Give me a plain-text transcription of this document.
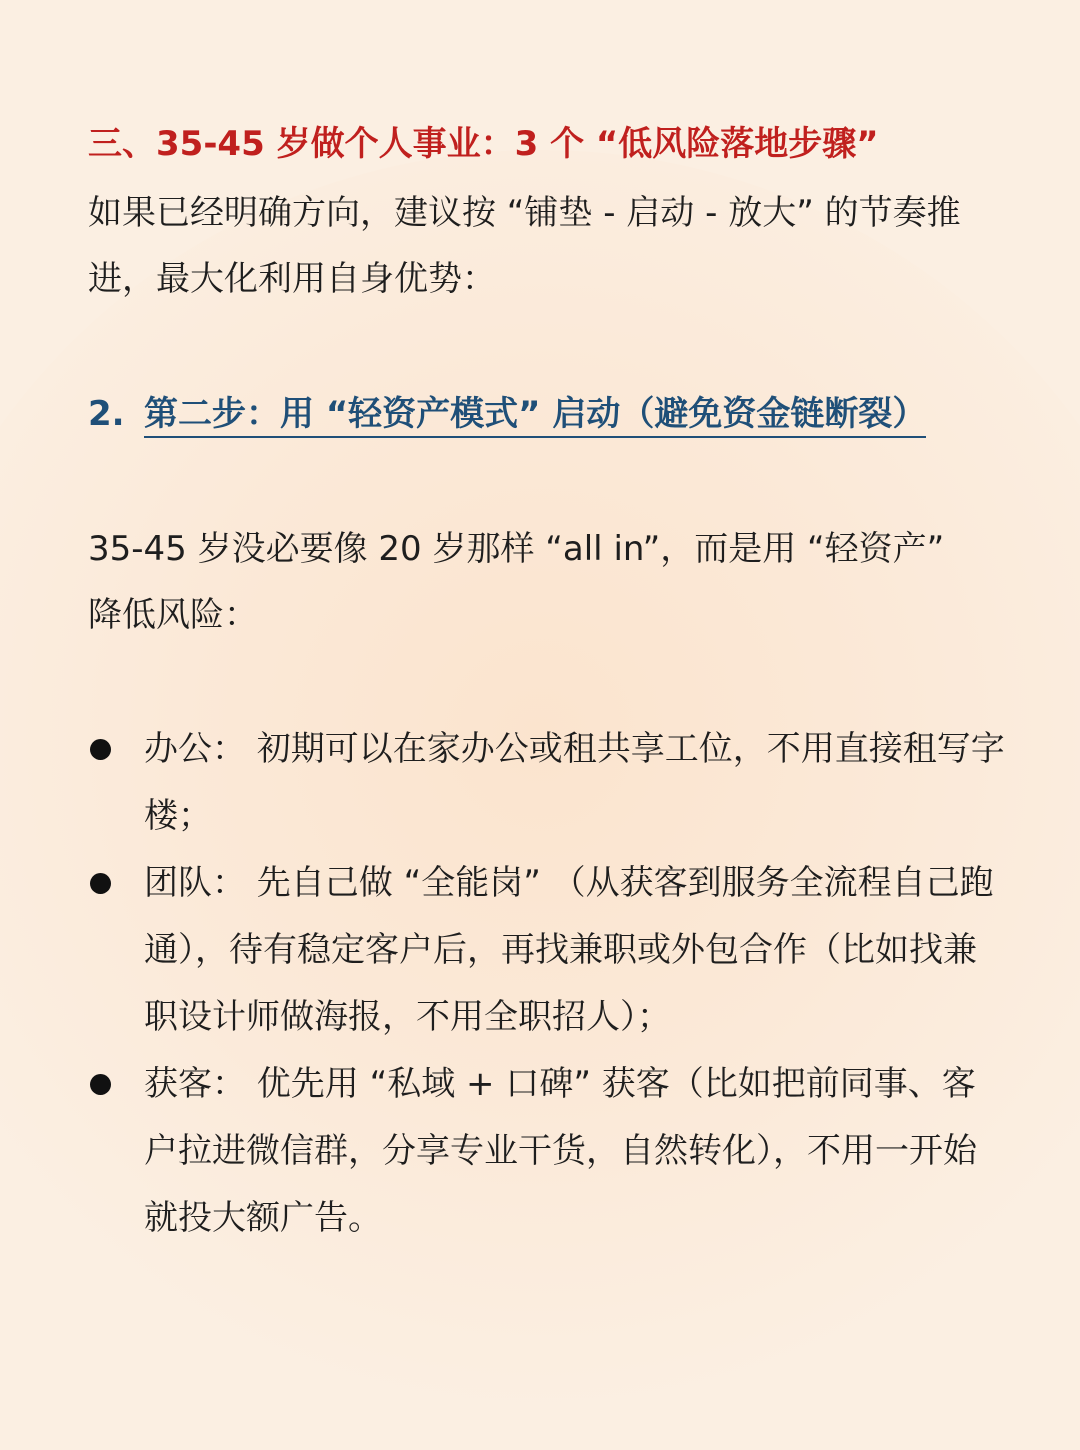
三、35-45 岁做个人事业：3 个 “低风险落地步骤”
如果已经明确方向，建议按 “铺垫 - 启动 - 放大” 的节奏推进，最大化利用自身优势：
2. 第二步：用 “轻资产模式” 启动（避免资金链断裂）
35-45 岁没必要像 20 岁那样 “all in”，而是用 “轻资产” 降低风险：
办公： 初期可以在家办公或租共享工位，不用直接租写字楼；
团队： 先自己做 “全能岗” （从获客到服务全流程自己跑通），待有稳定客户后，再找兼职或外包合作（比如找兼职设计师做海报，不用全职招人）；
获客： 优先用 “私域 + 口碑” 获客（比如把前同事、客户拉进微信群，分享专业干货，自然转化），不用一开始就投大额广告。
